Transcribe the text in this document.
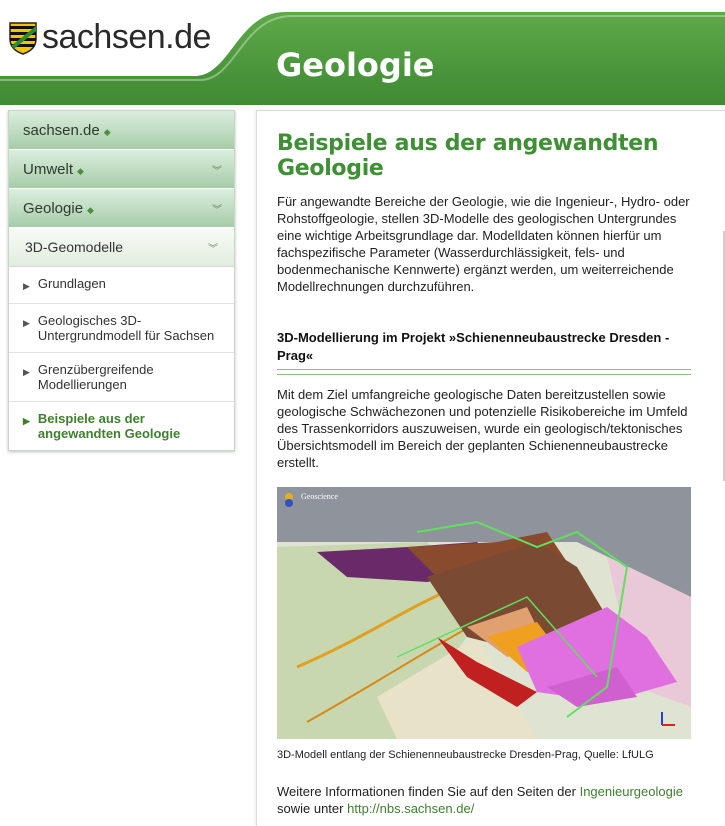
sachsen.de
Geologie
sachsen.de ◆
Umwelt ◆	︾
Geologie ◆	︾
3D-Geomodelle	︾
▶ Grundlagen
▶ Geologisches 3D-Untergrundmodell für Sachsen
▶ Grenzübergreifende Modellierungen
▶ Beispiele aus der angewandten Geologie
Beispiele aus der angewandten Geologie

Für angewandte Bereiche der Geologie, wie die Ingenieur-, Hydro- oder Rohstoffgeologie, stellen 3D-Modelle des geologischen Untergrundes eine wichtige Arbeitsgrundlage dar. Modelldaten können hierfür um fachspezifische Parameter (Wasserdurchlässigkeit, fels- und bodenmechanische Kennwerte) ergänzt werden, um weiterreichende Modellrechnungen durchzuführen.

3D-Modellierung im Projekt »Schienenneubaustrecke Dresden - Prag«

Mit dem Ziel umfangreiche geologische Daten bereitzustellen sowie geologische Schwächezonen und potenzielle Risikobereiche im Umfeld des Trassenkorridors auszuweisen, wurde ein geologisch/tektonisches Übersichtsmodell im Bereich der geplanten Schienenneubaustrecke erstellt.

Geoscience
3D-Modell entlang der Schienenneubaustrecke Dresden-Prag, Quelle: LfULG

Weitere Informationen finden Sie auf den Seiten der Ingenieurgeologie
sowie unter http://nbs.sachsen.de/
